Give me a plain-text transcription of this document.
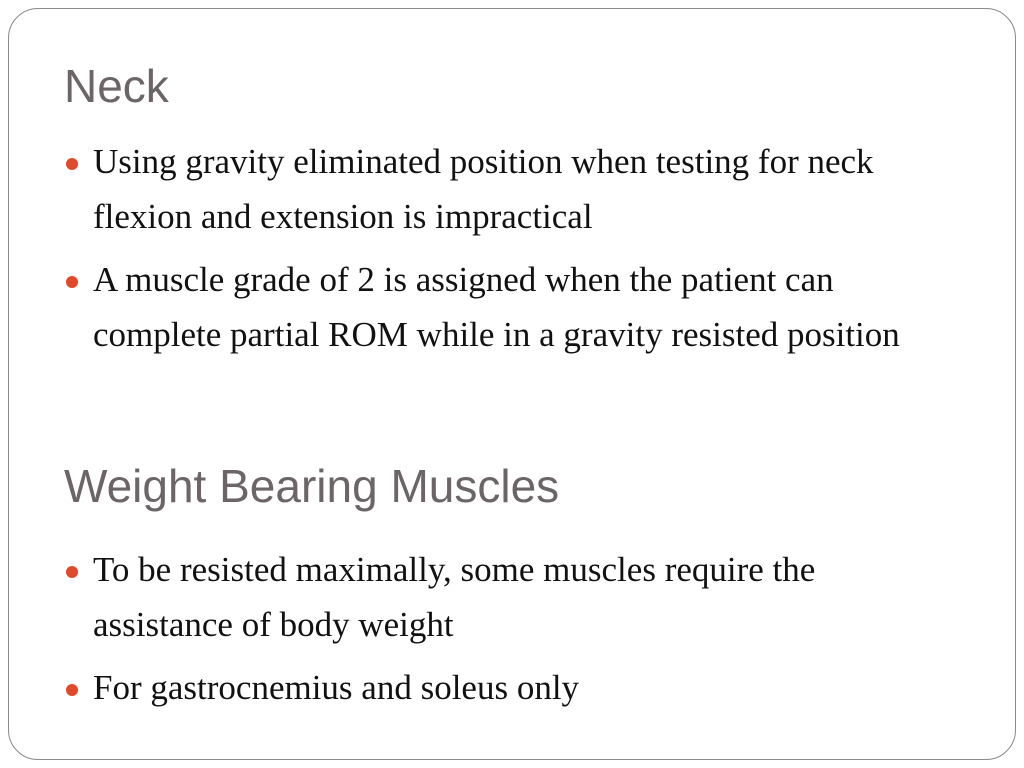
Neck
Using gravity eliminated position when testing for neck flexion and extension is impractical
A muscle grade of 2 is assigned when the patient can complete partial ROM while in a gravity resisted position
Weight Bearing Muscles
To be resisted maximally, some muscles require the assistance of body weight
For gastrocnemius and soleus only
